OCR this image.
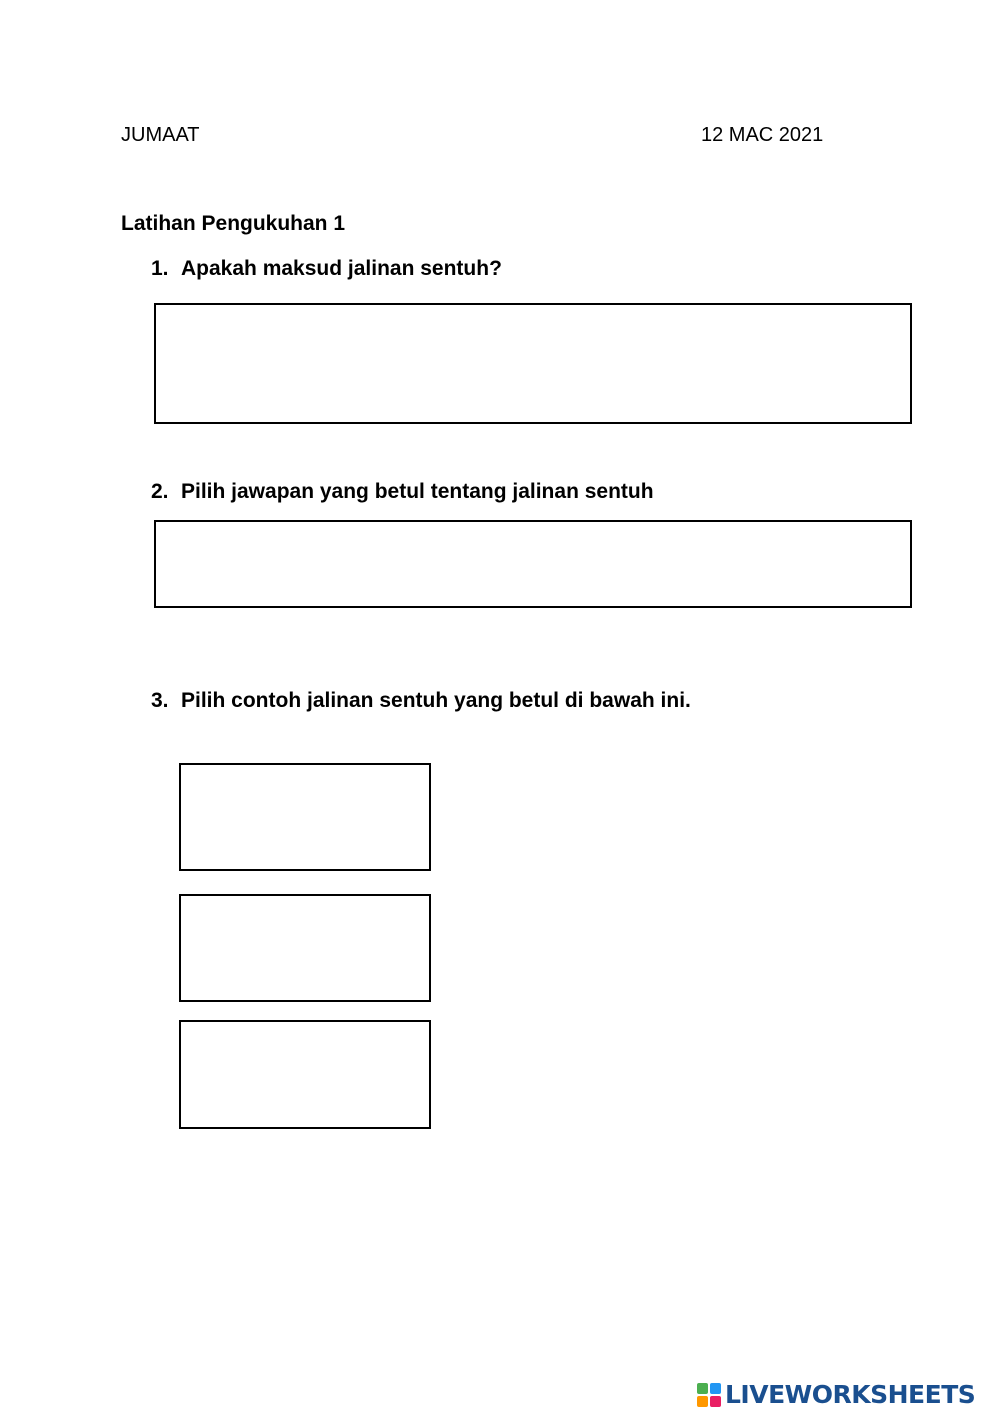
JUMAAT	12 MAC 2021
Latihan Pengukuhan 1
1. Apakah maksud jalinan sentuh?
2. Pilih jawapan yang betul tentang jalinan sentuh
3. Pilih contoh jalinan sentuh yang betul di bawah ini.
LIVEWORKSHEETS
